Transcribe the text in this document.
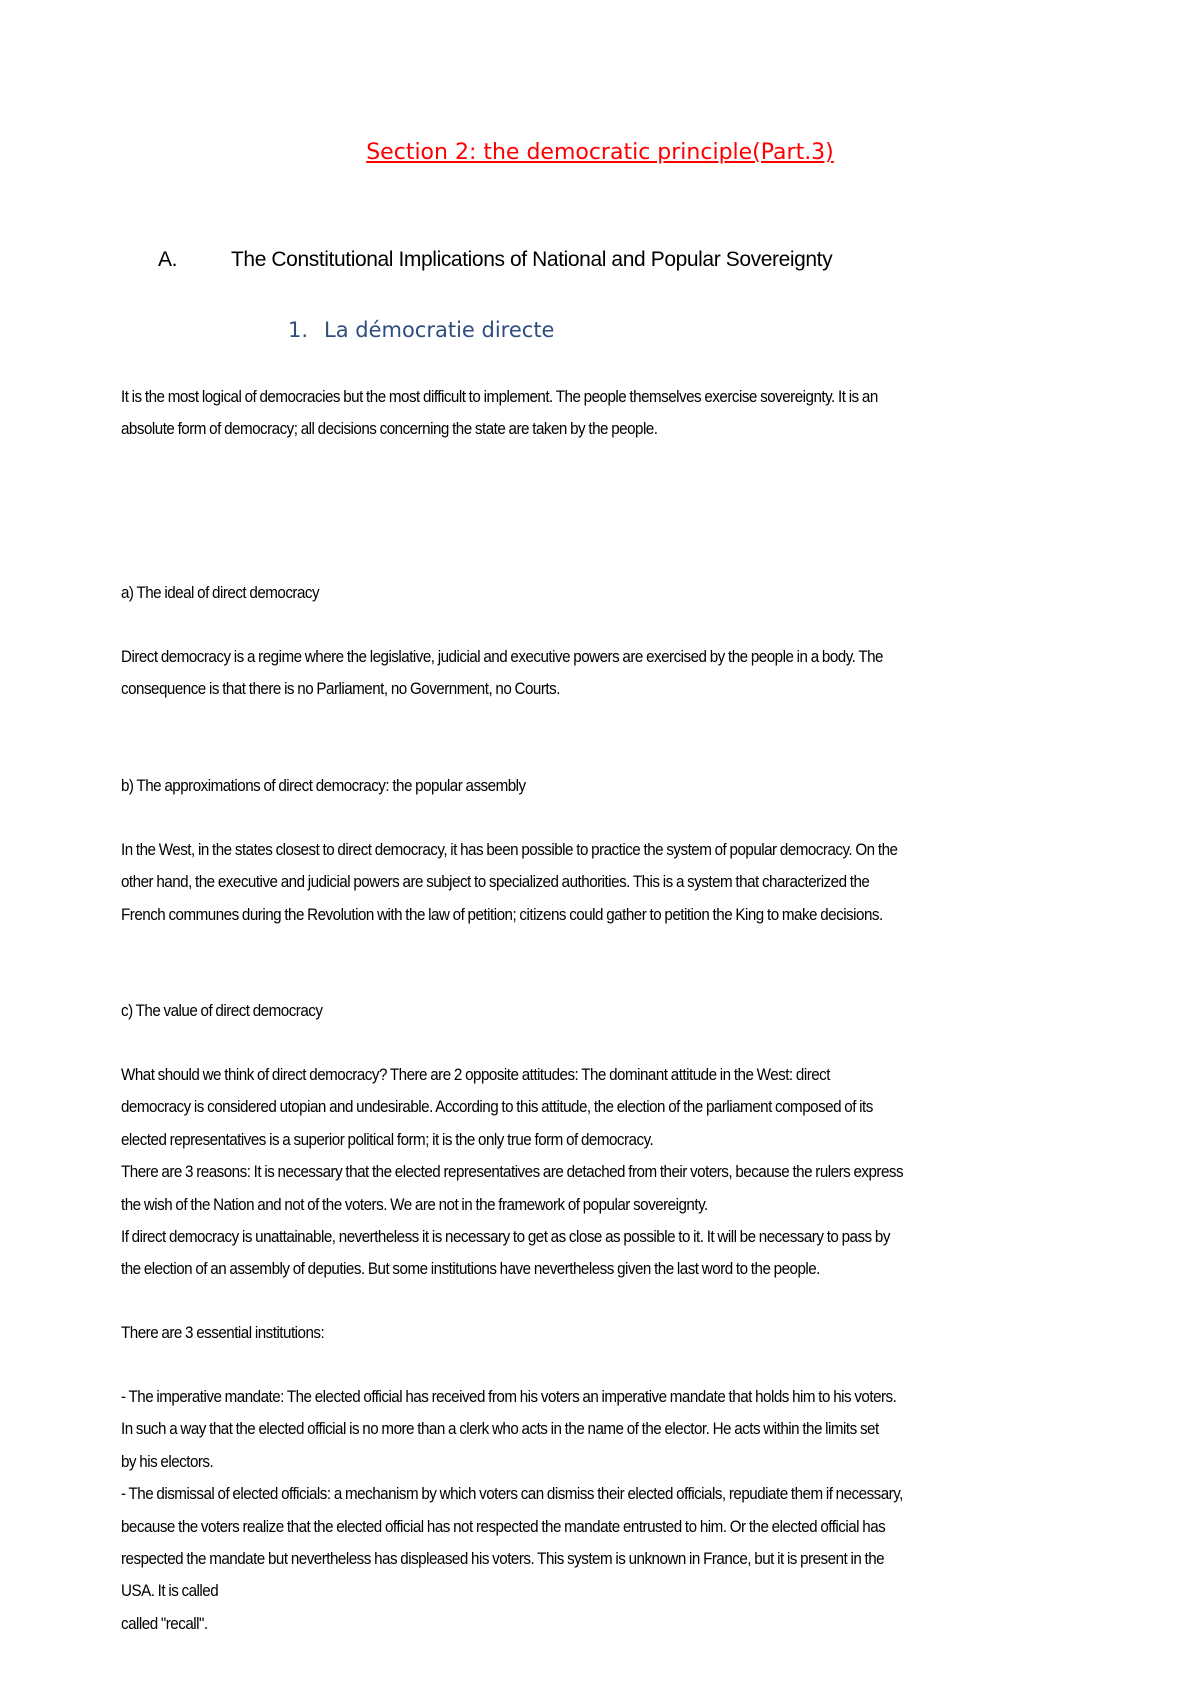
Section 2: the democratic principle(Part.3)
A.	The Constitutional Implications of National and Popular Sovereignty
1. La démocratie directe

It is the most logical of democracies but the most difficult to implement. The people themselves exercise sovereignty. It is an

absolute form of democracy; all decisions concerning the state are taken by the people.

a) The ideal of direct democracy

Direct democracy is a regime where the legislative, judicial and executive powers are exercised by the people in a body. The

consequence is that there is no Parliament, no Government, no Courts.

b) The approximations of direct democracy: the popular assembly

In the West, in the states closest to direct democracy, it has been possible to practice the system of popular democracy. On the

other hand, the executive and judicial powers are subject to specialized authorities. This is a system that characterized the

French communes during the Revolution with the law of petition; citizens could gather to petition the King to make decisions.

c) The value of direct democracy

What should we think of direct democracy? There are 2 opposite attitudes: The dominant attitude in the West: direct

democracy is considered utopian and undesirable. According to this attitude, the election of the parliament composed of its

elected representatives is a superior political form; it is the only true form of democracy.

There are 3 reasons: It is necessary that the elected representatives are detached from their voters, because the rulers express

the wish of the Nation and not of the voters. We are not in the framework of popular sovereignty.

If direct democracy is unattainable, nevertheless it is necessary to get as close as possible to it. It will be necessary to pass by

the election of an assembly of deputies. But some institutions have nevertheless given the last word to the people.

There are 3 essential institutions:

- The imperative mandate: The elected official has received from his voters an imperative mandate that holds him to his voters.

In such a way that the elected official is no more than a clerk who acts in the name of the elector. He acts within the limits set

by his electors.

- The dismissal of elected officials: a mechanism by which voters can dismiss their elected officials, repudiate them if necessary,

because the voters realize that the elected official has not respected the mandate entrusted to him. Or the elected official has

respected the mandate but nevertheless has displeased his voters. This system is unknown in France, but it is present in the

USA. It is called

called "recall".
